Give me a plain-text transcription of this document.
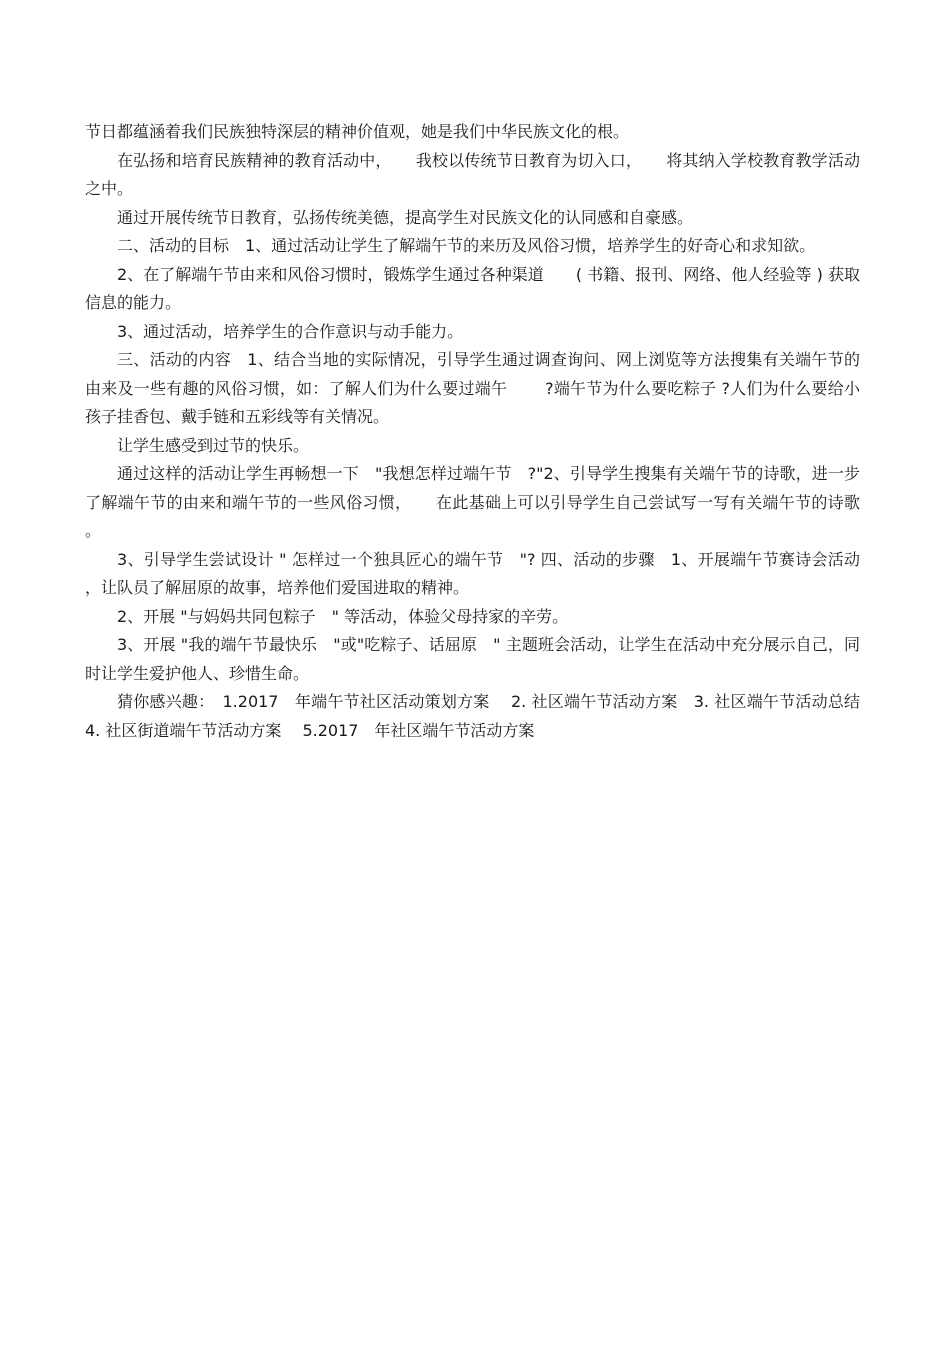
节日都蕴涵着我们民族独特深层的精神价值观，她是我们中华民族文化的根。

在弘扬和培育民族精神的教育活动中，　　我校以传统节日教育为切入口，　　将其纳入学校教育教学活动之中。

通过开展传统节日教育，弘扬传统美德，提高学生对民族文化的认同感和自豪感。

二、活动的目标　1、通过活动让学生了解端午节的来历及风俗习惯，培养学生的好奇心和求知欲。

2、在了解端午节由来和风俗习惯时，锻炼学生通过各种渠道　　( 书籍、报刊、网络、他人经验等 ) 获取信息的能力。

3、通过活动，培养学生的合作意识与动手能力。

三、活动的内容　1、结合当地的实际情况，引导学生通过调查询问、网上浏览等方法搜集有关端午节的由来及一些有趣的风俗习惯，如：了解人们为什么要过端午　　 ?端午节为什么要吃粽子 ?人们为什么要给小孩子挂香包、戴手链和五彩线等有关情况。

让学生感受到过节的快乐。

通过这样的活动让学生再畅想一下　"我想怎样过端午节　?"2、引导学生搜集有关端午节的诗歌，进一步了解端午节的由来和端午节的一些风俗习惯，　　在此基础上可以引导学生自己尝试写一写有关端午节的诗歌。

3、引导学生尝试设计 " 怎样过一个独具匠心的端午节　"? 四、活动的步骤　1、开展端午节赛诗会活动，让队员了解屈原的故事，培养他们爱国进取的精神。

2、开展 "与妈妈共同包粽子　" 等活动，体验父母持家的辛劳。

3、开展 "我的端午节最快乐　"或"吃粽子、话屈原　" 主题班会活动，让学生在活动中充分展示自己，同时让学生爱护他人、珍惜生命。

猜你感兴趣：　1.2017　年端午节社区活动策划方案　 2. 社区端午节活动方案　3. 社区端午节活动总结　4. 社区街道端午节活动方案　 5.2017　年社区端午节活动方案
